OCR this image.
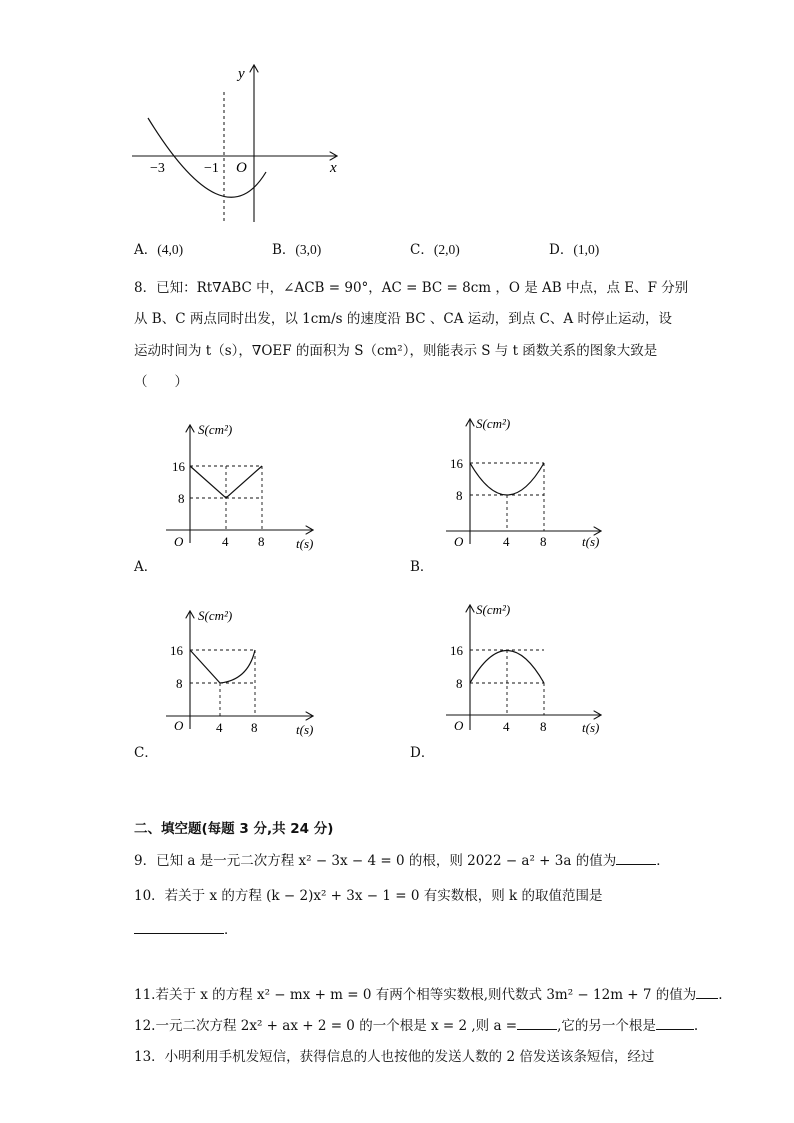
y
x
O
−3	−1
A．(4,0)	B．(3,0)	C．(2,0)	D．(1,0)
8．已知：Rt∇ABC 中，∠ACB = 90°，AC = BC = 8cm ，O 是 AB 中点，点 E、F 分别
从 B、C 两点同时出发，以 1cm/s 的速度沿 BC 、CA 运动，到点 C、A 时停止运动，设
运动时间为 t（s），∇OEF 的面积为 S（cm²），则能表示 S 与 t 函数关系的图象大致是
（　　）
S(cm²)
16
8
O	4 8 t(s)
A．
S(cm²)
16
8
O	4 8	t(s)
B．
S(cm²)
16
8
O	4 8	t(s)
C．
S(cm²)
16
8
O	4 8	t(s)
D．
二、填空题(每题 3 分,共 24 分)
9．已知 a 是一元二次方程 x² − 3x − 4 = 0 的根，则 2022 − a² + 3a 的值为	．
10．若关于 x 的方程 (k − 2)x² + 3x − 1 = 0 有实数根，则 k 的取值范围是
．
11.若关于 x 的方程 x² − mx + m = 0 有两个相等实数根,则代数式 3m² − 12m + 7 的值为 .
12.一元二次方程 2x² + ax + 2 = 0 的一个根是 x = 2 ,则 a =	,它的另一个根是	.
13．小明利用手机发短信，获得信息的人也按他的发送人数的 2 倍发送该条短信，经过
